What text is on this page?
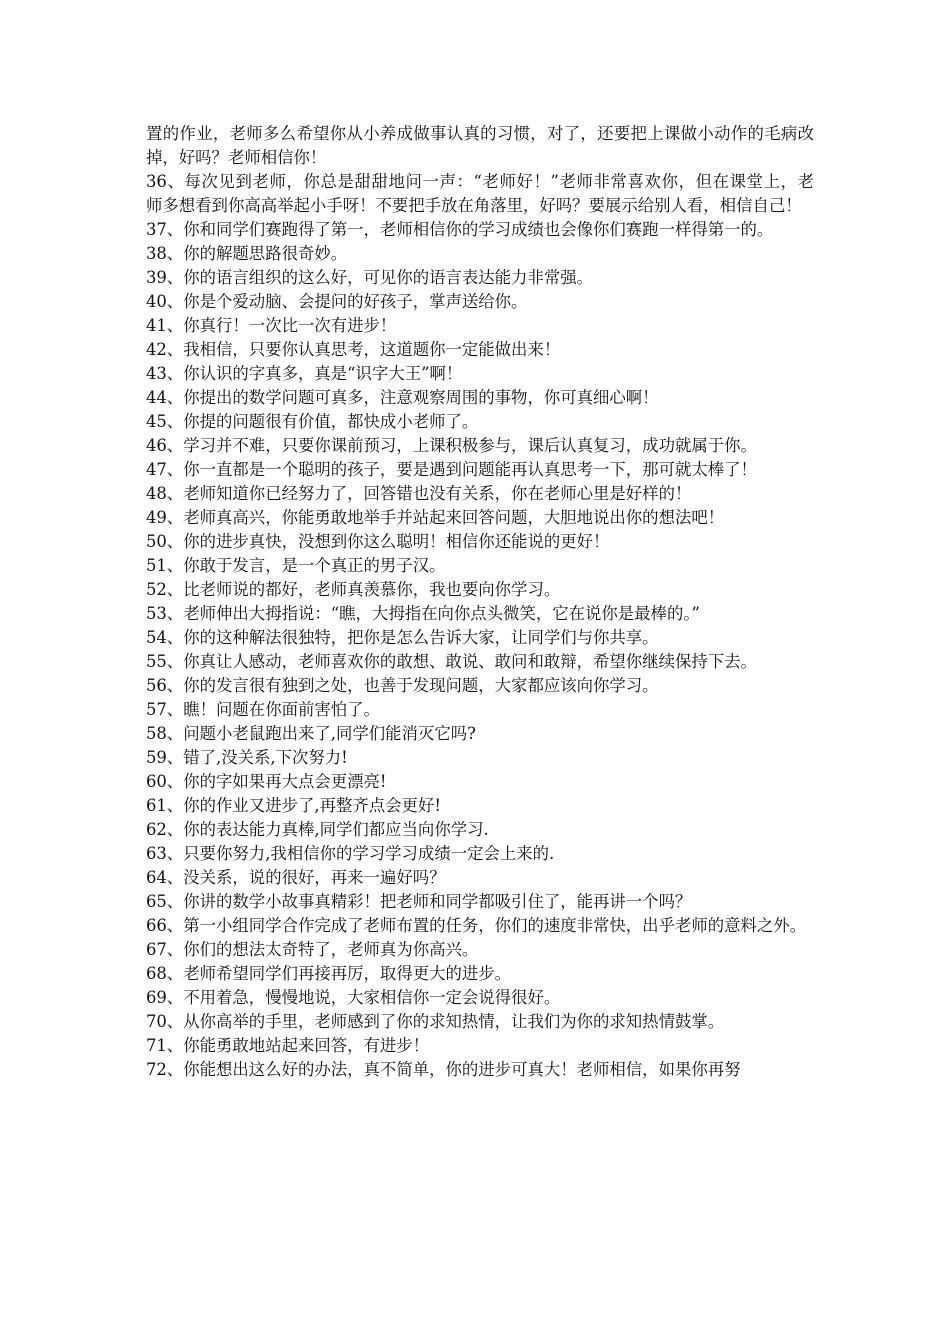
置的作业，老师多么希望你从小养成做事认真的习惯，对了，还要把上课做小动作的毛病改掉，好吗？老师相信你！

36、每次见到老师，你总是甜甜地问一声：“老师好！”老师非常喜欢你，但在课堂上，老　师多想看到你高高举起小手呀！不要把手放在角落里，好吗？要展示给别人看，相信自己！

37、你和同学们赛跑得了第一，老师相信你的学习成绩也会像你们赛跑一样得第一的。

38、你的解题思路很奇妙。

39、你的语言组织的这么好，可见你的语言表达能力非常强。

40、你是个爱动脑、会提问的好孩子，掌声送给你。

41、你真行！一次比一次有进步！

42、我相信，只要你认真思考，这道题你一定能做出来！

43、你认识的字真多，真是“识字大王”啊！

44、你提出的数学问题可真多，注意观察周围的事物，你可真细心啊！

45、你提的问题很有价值，都快成小老师了。

46、学习并不难，只要你课前预习，上课积极参与，课后认真复习，成功就属于你。

47、你一直都是一个聪明的孩子，要是遇到问题能再认真思考一下，那可就太棒了！

48、老师知道你已经努力了，回答错也没有关系，你在老师心里是好样的！

49、老师真高兴，你能勇敢地举手并站起来回答问题，大胆地说出你的想法吧！

50、你的进步真快，没想到你这么聪明！相信你还能说的更好！

51、你敢于发言，是一个真正的男子汉。

52、比老师说的都好，老师真羡慕你，我也要向你学习。

53、老师伸出大拇指说：“瞧，大拇指在向你点头微笑，它在说你是最棒的。”

54、你的这种解法很独特，把你是怎么告诉大家，让同学们与你共享。

55、你真让人感动，老师喜欢你的敢想、敢说、敢问和敢辩，希望你继续保持下去。

56、你的发言很有独到之处，也善于发现问题，大家都应该向你学习。

57、瞧！问题在你面前害怕了。

58、问题小老鼠跑出来了,同学们能消灭它吗?

59、错了,没关系,下次努力!

60、你的字如果再大点会更漂亮!

61、你的作业又进步了,再整齐点会更好!

62、你的表达能力真棒,同学们都应当向你学习.

63、只要你努力,我相信你的学习学习成绩一定会上来的.

64、没关系，说的很好，再来一遍好吗？

65、你讲的数学小故事真精彩！把老师和同学都吸引住了，能再讲一个吗？

66、第一小组同学合作完成了老师布置的任务，你们的速度非常快，出乎老师的意料之外。

67、你们的想法太奇特了，老师真为你高兴。

68、老师希望同学们再接再厉，取得更大的进步。

69、不用着急，慢慢地说，大家相信你一定会说得很好。

70、从你高举的手里，老师感到了你的求知热情，让我们为你的求知热情鼓掌。

71、你能勇敢地站起来回答，有进步！

72、你能想出这么好的办法，真不简单，你的进步可真大！老师相信，如果你再努
